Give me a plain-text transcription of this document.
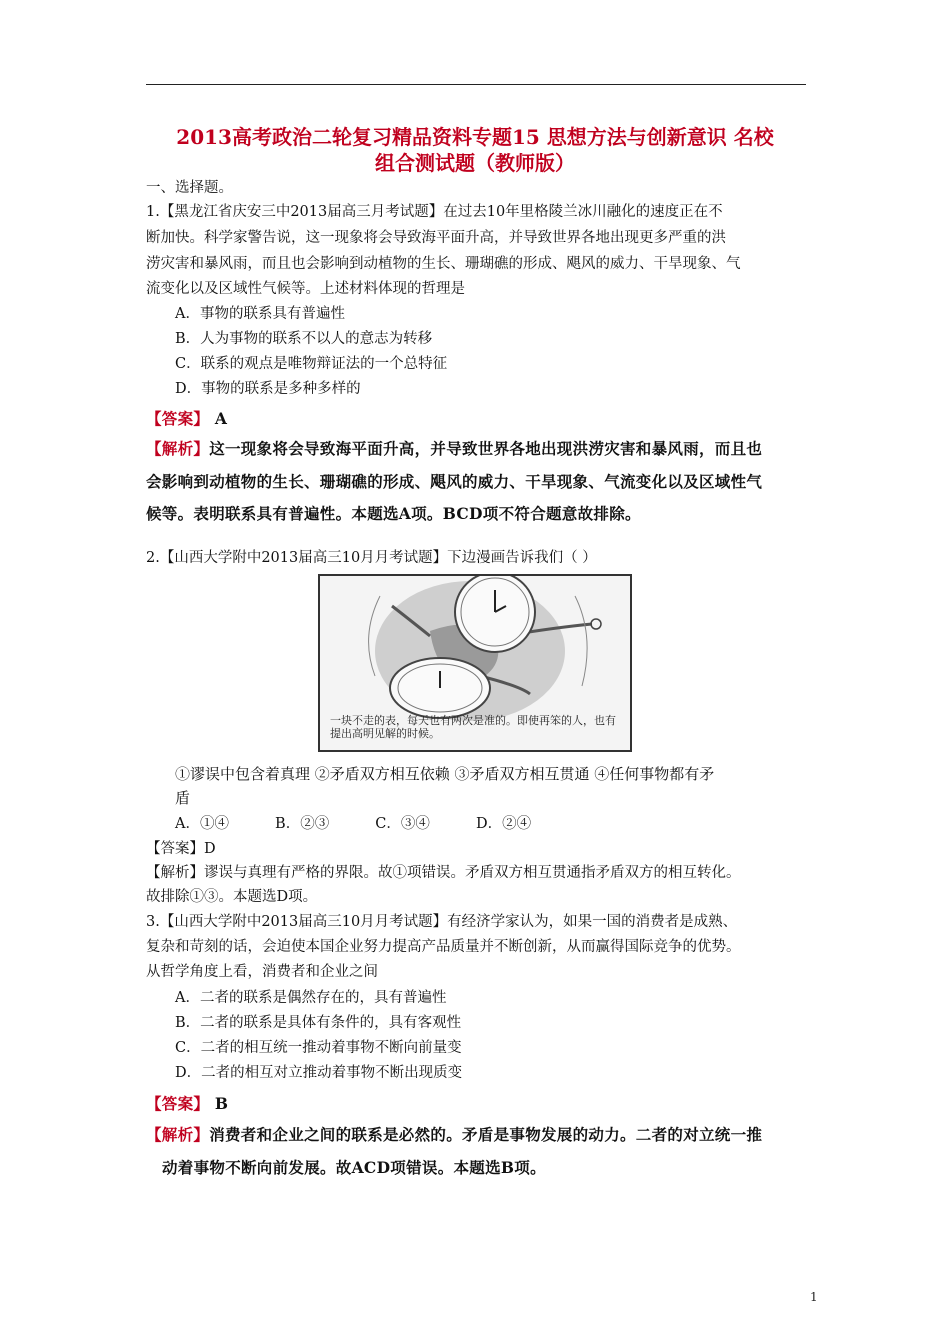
2013高考政治二轮复习精品资料专题15 思想方法与创新意识 名校
组合测试题（教师版）
一、选择题。
1.【黑龙江省庆安三中2013届高三月考试题】在过去10年里格陵兰冰川融化的速度正在不
断加快。科学家警告说，这一现象将会导致海平面升高，并导致世界各地出现更多严重的洪
涝灾害和暴风雨，而且也会影响到动植物的生长、珊瑚礁的形成、飓风的威力、干旱现象、气
流变化以及区域性气候等。上述材料体现的哲理是
A．事物的联系具有普遍性
B．人为事物的联系不以人的意志为转移
C．联系的观点是唯物辩证法的一个总特征
D．事物的联系是多种多样的
【答案】 A
【解析】这一现象将会导致海平面升高，并导致世界各地出现洪涝灾害和暴风雨，而且也
会影响到动植物的生长、珊瑚礁的形成、飓风的威力、干旱现象、气流变化以及区域性气
候等。表明联系具有普遍性。本题选A项。BCD项不符合题意故排除。
2.【山西大学附中2013届高三10月月考试题】下边漫画告诉我们（ ）
一块不走的表，每天也有两次是准的。即使再笨的人，也有提出高明见解的时候。
①谬误中包含着真理 ②矛盾双方相互依赖 ③矛盾双方相互贯通 ④任何事物都有矛
盾
A．①④          B．②③          C．③④          D．②④
【答案】D
【解析】谬误与真理有严格的界限。故①项错误。矛盾双方相互贯通指矛盾双方的相互转化。
故排除①③。本题选D项。
3.【山西大学附中2013届高三10月月考试题】有经济学家认为，如果一国的消费者是成熟、
复杂和苛刻的话，会迫使本国企业努力提高产品质量并不断创新，从而赢得国际竞争的优势。
从哲学角度上看，消费者和企业之间
A．二者的联系是偶然存在的，具有普遍性
B．二者的联系是具体有条件的，具有客观性
C．二者的相互统一推动着事物不断向前量变
D．二者的相互对立推动着事物不断出现质变
【答案】 B
【解析】消费者和企业之间的联系是必然的。矛盾是事物发展的动力。二者的对立统一推
动着事物不断向前发展。故ACD项错误。本题选B项。
1
